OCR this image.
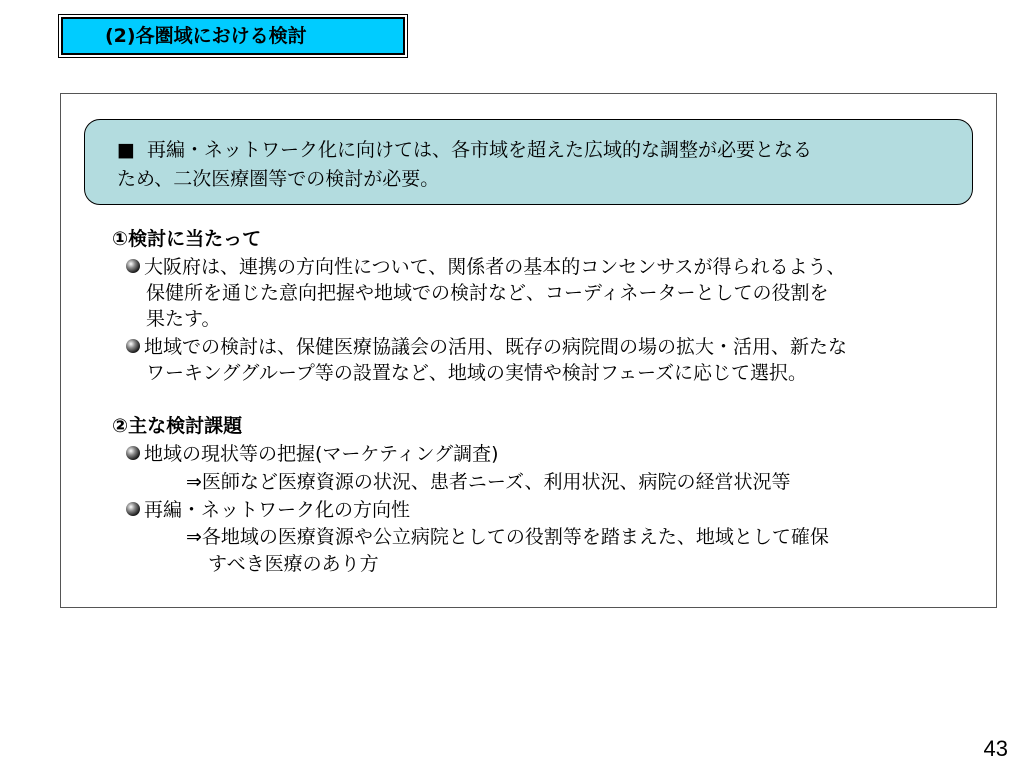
(2)各圏域における検討
■ 再編・ネットワーク化に向けては、各市域を超えた広域的な調整が必要となる
ため、二次医療圏等での検討が必要。
①検討に当たって
大阪府は、連携の方向性について、関係者の基本的コンセンサスが得られるよう、
保健所を通じた意向把握や地域での検討など、コーディネーターとしての役割を
果たす。
地域での検討は、保健医療協議会の活用、既存の病院間の場の拡大・活用、新たな
ワーキンググループ等の設置など、地域の実情や検討フェーズに応じて選択。
②主な検討課題
地域の現状等の把握(マーケティング調査)
⇒医師など医療資源の状況、患者ニーズ、利用状況、病院の経営状況等
再編・ネットワーク化の方向性
⇒各地域の医療資源や公立病院としての役割等を踏まえた、地域として確保
すべき医療のあり方
43
